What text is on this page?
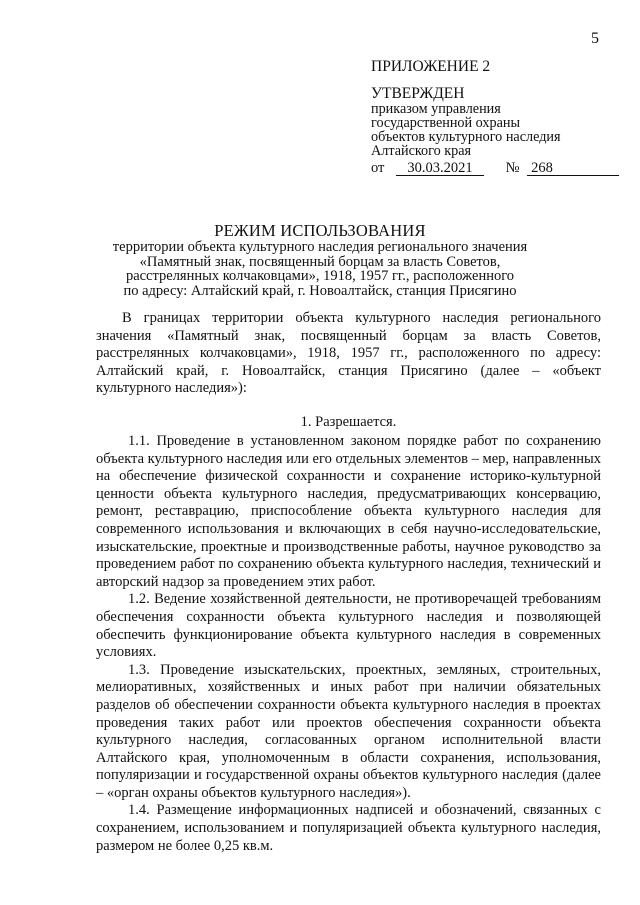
5
ПРИЛОЖЕНИЕ 2
УТВЕРЖДЕН
приказом управления
государственной охраны
объектов культурного наследия
Алтайского края
от 30.03.2021 № 268
РЕЖИМ ИСПОЛЬЗОВАНИЯ
территории объекта культурного наследия регионального значения
«Памятный знак, посвященный борцам за власть Советов,
расстрелянных колчаковцами», 1918, 1957 гг., расположенного
по адресу: Алтайский край, г. Новоалтайск, станция Присягино
В границах территории объекта культурного наследия регионального значения «Памятный знак, посвященный борцам за власть Советов, расстрелянных колчаковцами», 1918, 1957 гг., расположенного по адресу: Алтайский край, г. Новоалтайск, станция Присягино (далее – «объект культурного наследия»):
1. Разрешается.

1.1. Проведение в установленном законом порядке работ по сохранению объекта культурного наследия или его отдельных элементов – мер, направленных на обеспечение физической сохранности и сохранение историко-культурной ценности объекта культурного наследия, предусматривающих консервацию, ремонт, реставрацию, приспособление объекта культурного наследия для современного использования и включающих в себя научно-исследовательские, изыскательские, проектные и производственные работы, научное руководство за проведением работ по сохранению объекта культурного наследия, технический и авторский надзор за проведением этих работ.

1.2. Ведение хозяйственной деятельности, не противоречащей требованиям обеспечения сохранности объекта культурного наследия и позволяющей обеспечить функционирование объекта культурного наследия в современных условиях.

1.3. Проведение изыскательских, проектных, земляных, строительных, мелиоративных, хозяйственных и иных работ при наличии обязательных разделов об обеспечении сохранности объекта культурного наследия в проектах проведения таких работ или проектов обеспечения сохранности объекта культурного наследия, согласованных органом исполнительной власти Алтайского края, уполномоченным в области сохранения, использования, популяризации и государственной охраны объектов культурного наследия (далее – «орган охраны объектов культурного наследия»).

1.4. Размещение информационных надписей и обозначений, связанных с сохранением, использованием и популяризацией объекта культурного наследия, размером не более 0,25 кв.м.
